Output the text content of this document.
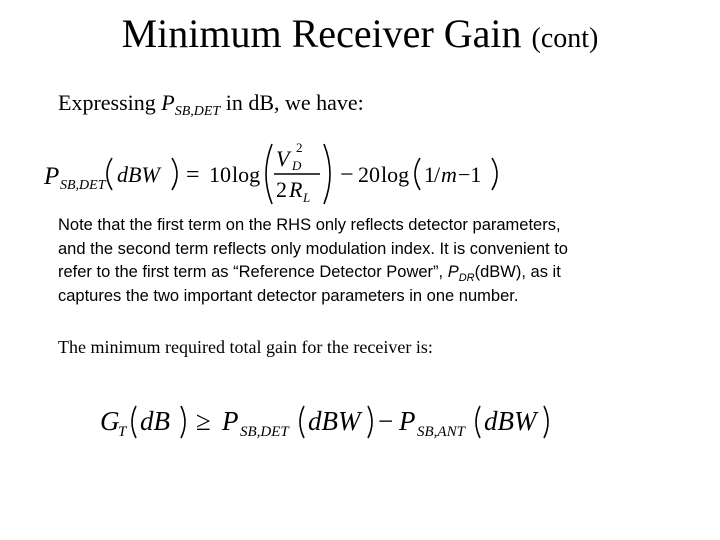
Minimum Receiver Gain (cont)
Expressing $P_{SB,DET}$ in dB, we have:
P SB,DET dBW = 10 log
V D
2
2 R L
− 20 log 1 / m −1
Note that the first term on the RHS only reflects detector parameters,
and the second term reflects only modulation index. It is convenient to
refer to the first term as “Reference Detector Power”, $P_{DR}(dBW)$, as it
captures the two important detector parameters in one number.
The minimum required total gain for the receiver is:
G
T dB ≥ P SB,DET dBW − P SB,ANT dBW
